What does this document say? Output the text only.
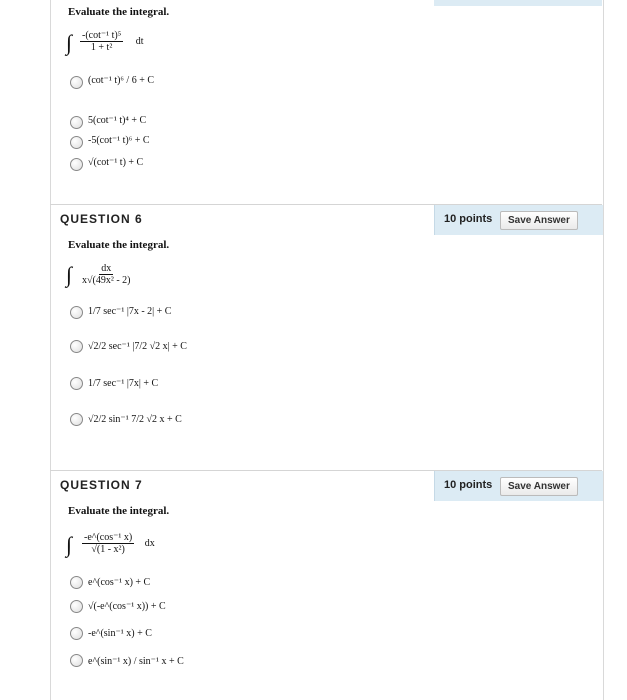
Evaluate the integral.
∫ $\frac{\text{-(cot⁻¹ t)⁵}}{\text{1 + t²}}$ dt
(cot⁻¹ t)⁶ / 6 + C
5(cot⁻¹ t)⁴ + C
-5(cot⁻¹ t)⁶ + C
√(cot⁻¹ t) + C
QUESTION 6	10 points	Save Answer
Evaluate the integral.
∫ $\frac{dx}{\text{x√(49x² - 2)}}$
1/7 sec⁻¹ |7x - 2| + C
√2/2 sec⁻¹ |7/2 √2 x| + C
1/7 sec⁻¹ |7x| + C
√2/2 sin⁻¹ 7/2 √2 x + C
QUESTION 7	10 points	Save Answer
Evaluate the integral.
∫ $\frac{\text{-e\textasciicircum{}(cos⁻¹ x)}}{\text{√(1 - x²)}}$ dx
e^(cos⁻¹ x) + C
√(-e^(cos⁻¹ x)) + C
-e^(sin⁻¹ x) + C
e^(sin⁻¹ x) / sin⁻¹ x + C
